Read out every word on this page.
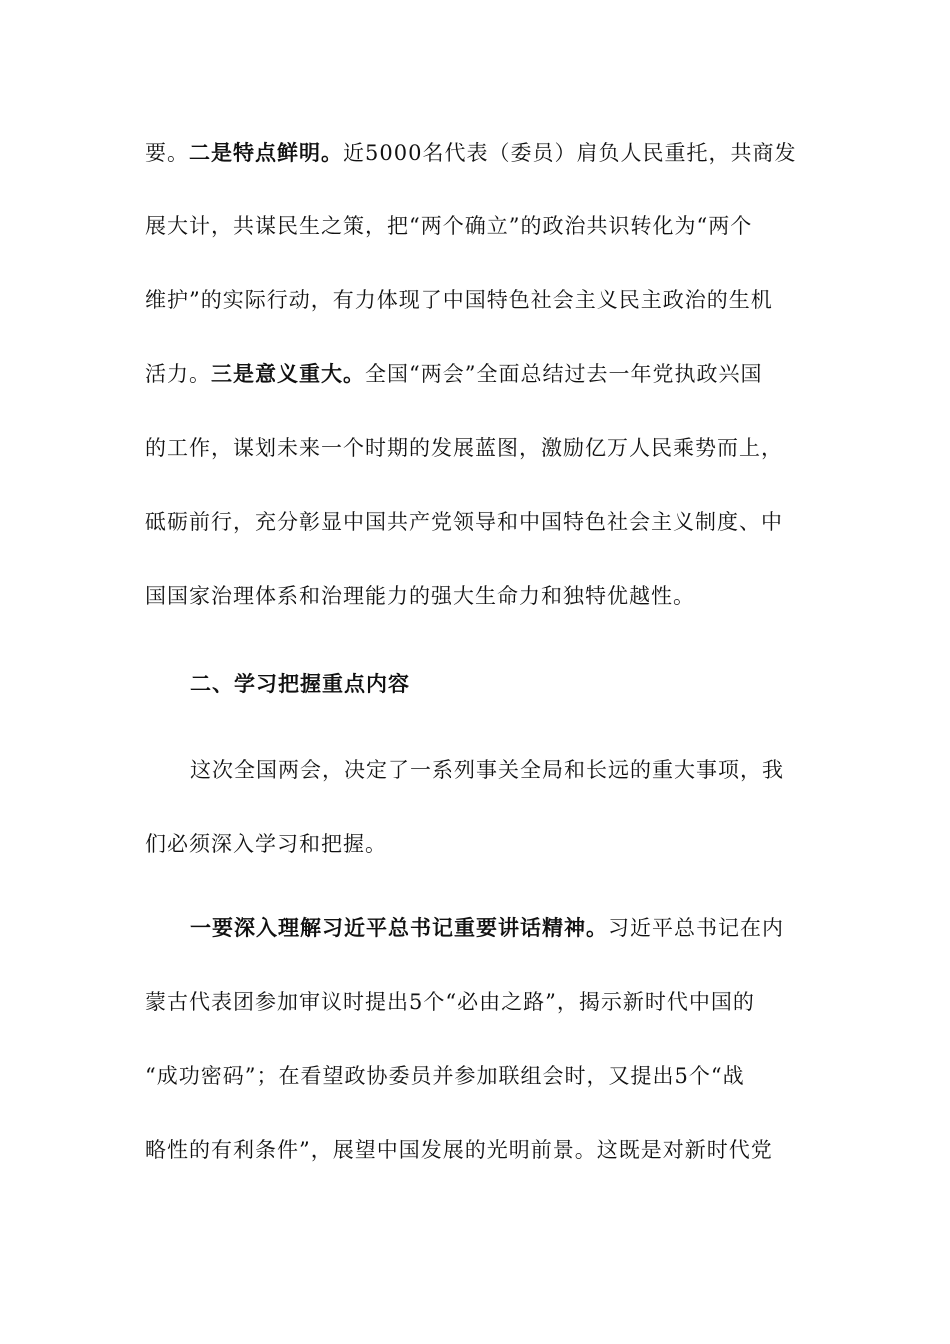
要。二是特点鲜明。近5000名代表（委员）肩负人民重托，共商发
展大计，共谋民生之策，把“两个确立”的政治共识转化为“两个
维护”的实际行动，有力体现了中国特色社会主义民主政治的生机
活力。三是意义重大。全国“两会”全面总结过去一年党执政兴国
的工作，谋划未来一个时期的发展蓝图，激励亿万人民乘势而上，
砥砺前行，充分彰显中国共产党领导和中国特色社会主义制度、中
国国家治理体系和治理能力的强大生命力和独特优越性。
二、学习把握重点内容
这次全国两会，决定了一系列事关全局和长远的重大事项，我
们必须深入学习和把握。
一要深入理解习近平总书记重要讲话精神。习近平总书记在内
蒙古代表团参加审议时提出5个“必由之路”，揭示新时代中国的
“成功密码”；在看望政协委员并参加联组会时，又提出5个“战
略性的有利条件”，展望中国发展的光明前景。这既是对新时代党
